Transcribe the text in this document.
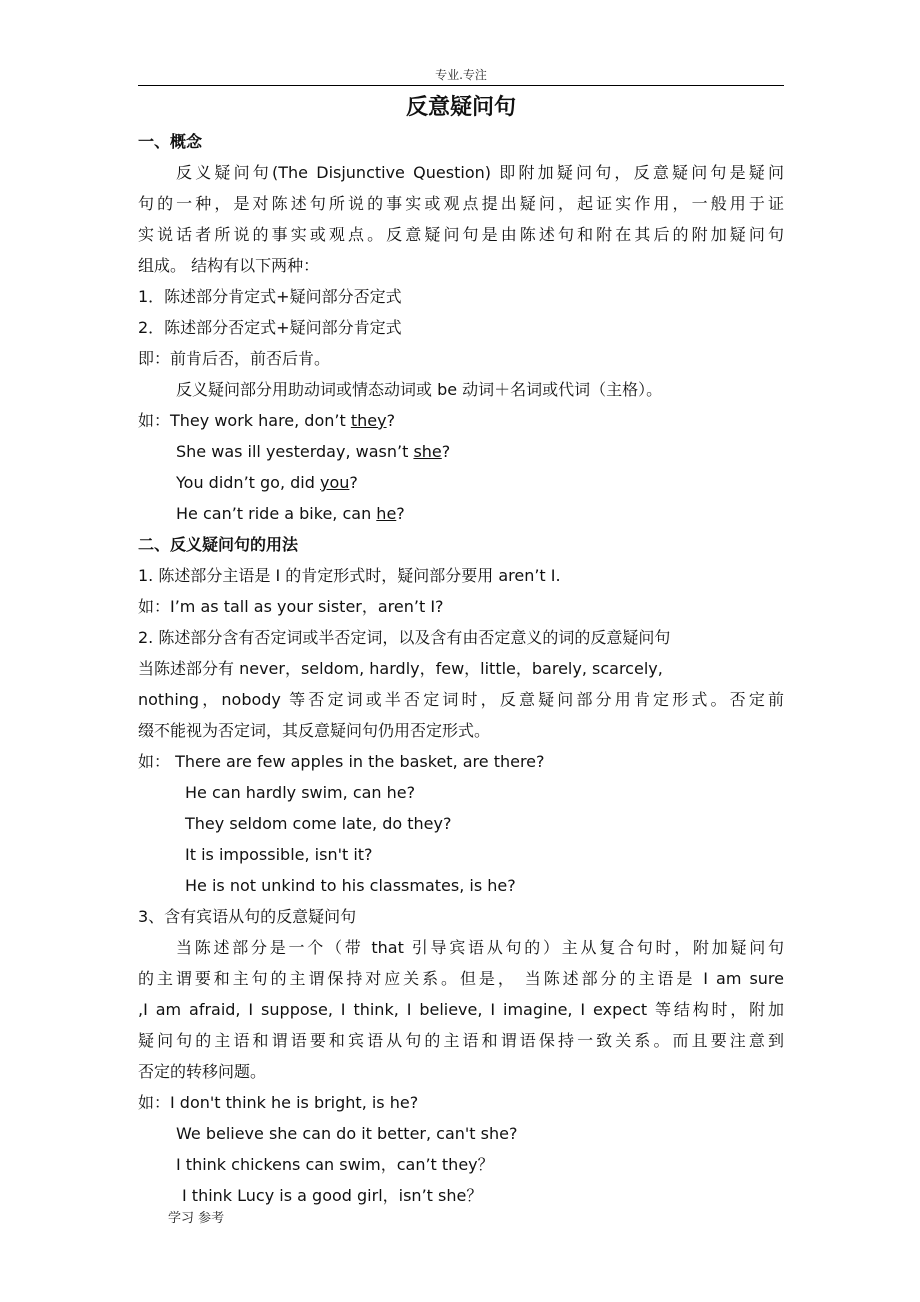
专业.专注
反意疑问句
一、概念
反义疑问句(The Disjunctive Question) 即附加疑问句，反意疑问句是疑问
句的一种，是对陈述句所说的事实或观点提出疑问，起证实作用，一般用于证
实说话者所说的事实或观点。反意疑问句是由陈述句和附在其后的附加疑问句
组成。 结构有以下两种：
1．陈述部分肯定式+疑问部分否定式
2．陈述部分否定式+疑问部分肯定式
即：前肯后否，前否后肯。
反义疑问部分用助动词或情态动词或 be 动词＋名词或代词（主格）。
如：They work hare, don’t they?
She was ill yesterday, wasn’t she?
You didn’t go, did you?
He can’t ride a bike, can he?
二、反义疑问句的用法
1. 陈述部分主语是 I 的肯定形式时，疑问部分要用 aren’t I.
如：I’m as tall as your sister，aren’t I?
2. 陈述部分含有否定词或半否定词，以及含有由否定意义的词的反意疑问句
当陈述部分有 never，seldom, hardly，few，little，barely, scarcely,
nothing，nobody 等否定词或半否定词时，反意疑问部分用肯定形式。否定前
缀不能视为否定词，其反意疑问句仍用否定形式。
如： There are few apples in the basket, are there?
He can hardly swim, can he?
They seldom come late, do they?
It is impossible, isn't it?
He is not unkind to his classmates, is he?
3、含有宾语从句的反意疑问句
当陈述部分是一个（带 that 引导宾语从句的）主从复合句时，附加疑问句
的主谓要和主句的主谓保持对应关系。但是， 当陈述部分的主语是 I am sure
,I am afraid, I suppose, I think, I believe, I imagine, I expect 等结构时，附加
疑问句的主语和谓语要和宾语从句的主语和谓语保持一致关系。而且要注意到
否定的转移问题。
如：I don't think he is bright, is he?
We believe she can do it better, can't she?
I think chickens can swim，can’t they？
I think Lucy is a good girl，isn’t she？
学习 参考
